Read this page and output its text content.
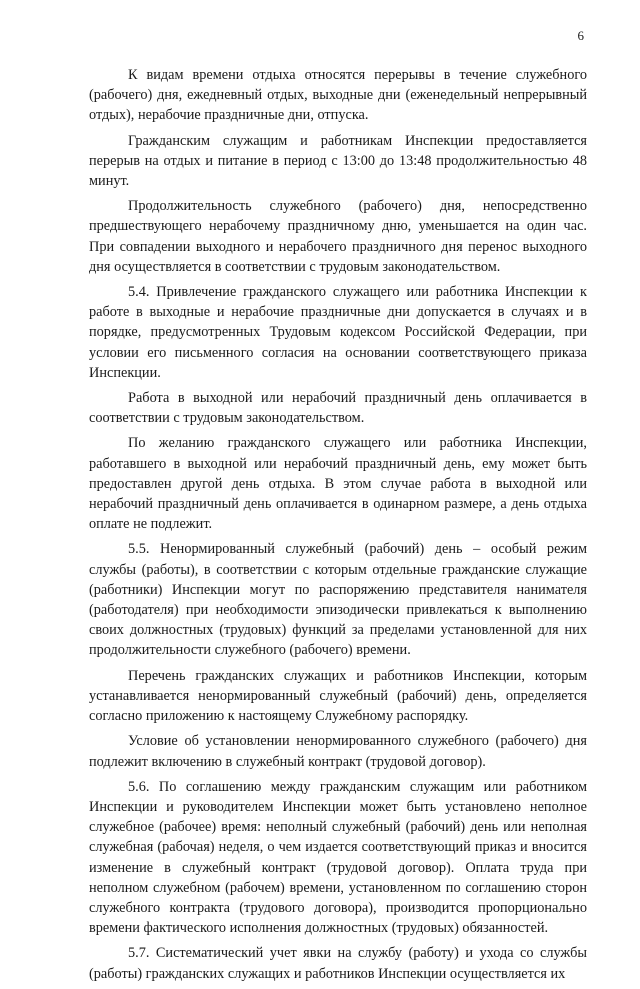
6

К видам времени отдыха относятся перерывы в течение служебного (рабочего) дня, ежедневный отдых, выходные дни (еженедельный непрерывный отдых), нерабочие праздничные дни, отпуска.

Гражданским служащим и работникам Инспекции предоставляется перерыв на отдых и питание в период с 13:00 до 13:48 продолжительностью 48 минут.

Продолжительность служебного (рабочего) дня, непосредственно предшествующего нерабочему праздничному дню, уменьшается на один час. При совпадении выходного и нерабочего праздничного дня перенос выходного дня осуществляется в соответствии с трудовым законодательством.

5.4. Привлечение гражданского служащего или работника Инспекции к работе в выходные и нерабочие праздничные дни допускается в случаях и в порядке, предусмотренных Трудовым кодексом Российской Федерации, при условии его письменного согласия на основании соответствующего приказа Инспекции.

Работа в выходной или нерабочий праздничный день оплачивается в соответствии с трудовым законодательством.

По желанию гражданского служащего или работника Инспекции, работавшего в выходной или нерабочий праздничный день, ему может быть предоставлен другой день отдыха. В этом случае работа в выходной или нерабочий праздничный день оплачивается в одинарном размере, а день отдыха оплате не подлежит.

5.5. Ненормированный служебный (рабочий) день – особый режим службы (работы), в соответствии с которым отдельные гражданские служащие (работники) Инспекции могут по распоряжению представителя нанимателя (работодателя) при необходимости эпизодически привлекаться к выполнению своих должностных (трудовых) функций за пределами установленной для них продолжительности служебного (рабочего) времени.

Перечень гражданских служащих и работников Инспекции, которым устанавливается ненормированный служебный (рабочий) день, определяется согласно приложению к настоящему Служебному распорядку.

Условие об установлении ненормированного служебного (рабочего) дня подлежит включению в служебный контракт (трудовой договор).

5.6. По соглашению между гражданским служащим или работником Инспекции и руководителем Инспекции может быть установлено неполное служебное (рабочее) время: неполный служебный (рабочий) день или неполная служебная (рабочая) неделя, о чем издается соответствующий приказ и вносится изменение в служебный контракт (трудовой договор). Оплата труда при неполном служебном (рабочем) времени, установленном по соглашению сторон служебного контракта (трудового договора), производится пропорционально времени фактического исполнения должностных (трудовых) обязанностей.

5.7. Систематический учет явки на службу (работу) и ухода со службы (работы) гражданских служащих и работников Инспекции осуществляется их
